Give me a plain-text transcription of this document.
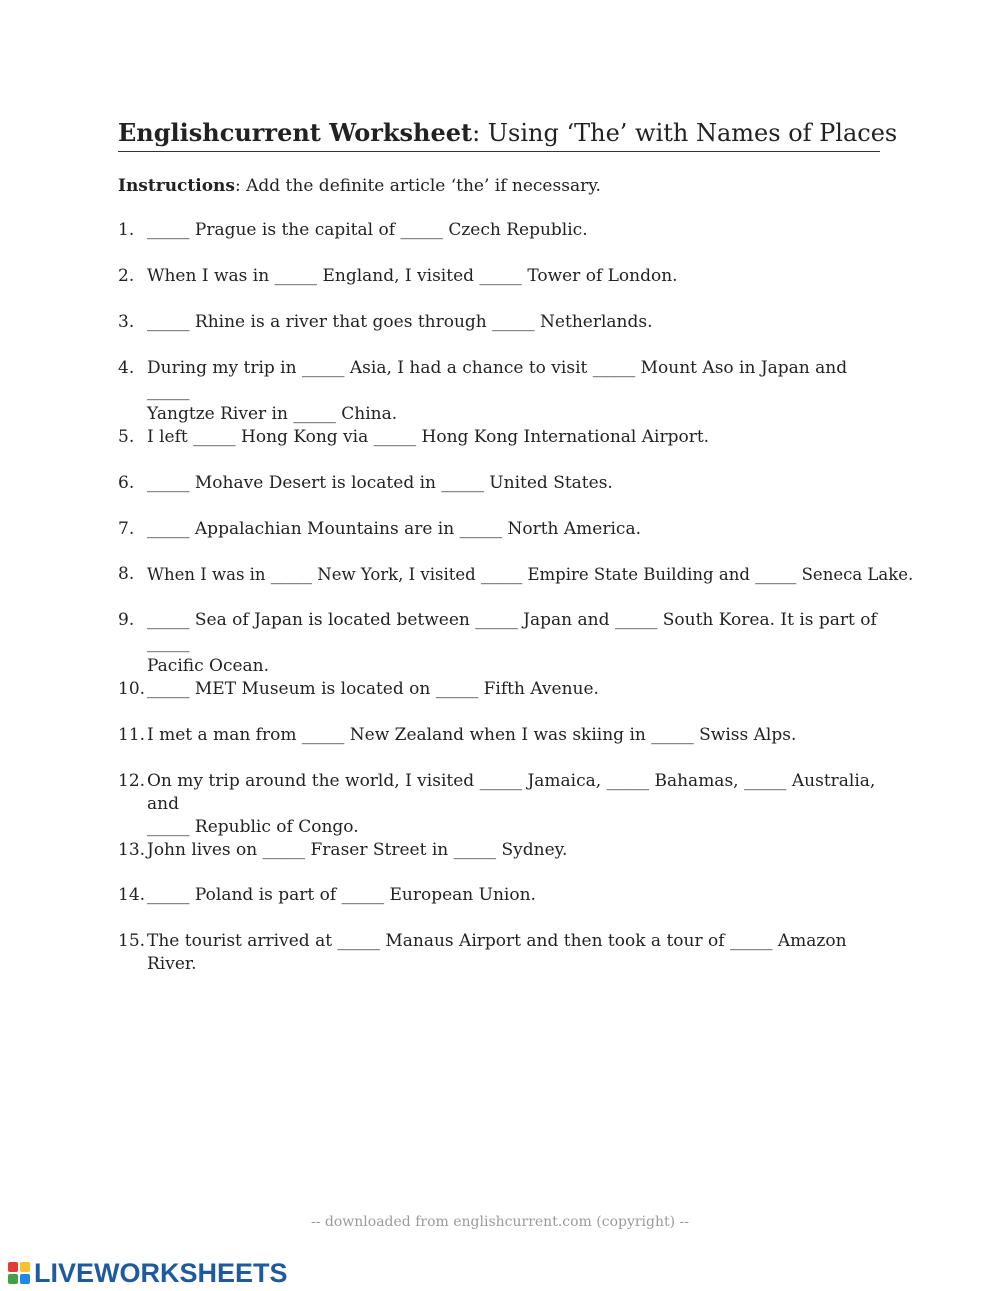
Englishcurrent Worksheet: Using ‘The’ with Names of Places
Instructions: Add the definite article ‘the’ if necessary.
1. _____ Prague is the capital of _____ Czech Republic.
2. When I was in _____ England, I visited _____ Tower of London.
3. _____ Rhine is a river that goes through _____ Netherlands.
4. During my trip in _____ Asia, I had a chance to visit _____ Mount Aso in Japan and _____
Yangtze River in _____ China.
5. I left _____ Hong Kong via _____ Hong Kong International Airport.
6. _____ Mohave Desert is located in _____ United States.
7. _____ Appalachian Mountains are in _____ North America.
8. When I was in _____ New York, I visited _____ Empire State Building and _____ Seneca Lake.
9. _____ Sea of Japan is located between _____ Japan and _____ South Korea. It is part of _____
Pacific Ocean.
10. _____ MET Museum is located on _____ Fifth Avenue.
11. I met a man from _____ New Zealand when I was skiing in _____ Swiss Alps.
12. On my trip around the world, I visited _____ Jamaica, _____ Bahamas, _____ Australia, and
_____ Republic of Congo.
13. John lives on _____ Fraser Street in _____ Sydney.
14. _____ Poland is part of _____ European Union.
15. The tourist arrived at _____ Manaus Airport and then took a tour of _____ Amazon River.
-- downloaded from englishcurrent.com (copyright) --
LIVEWORKSHEETS
